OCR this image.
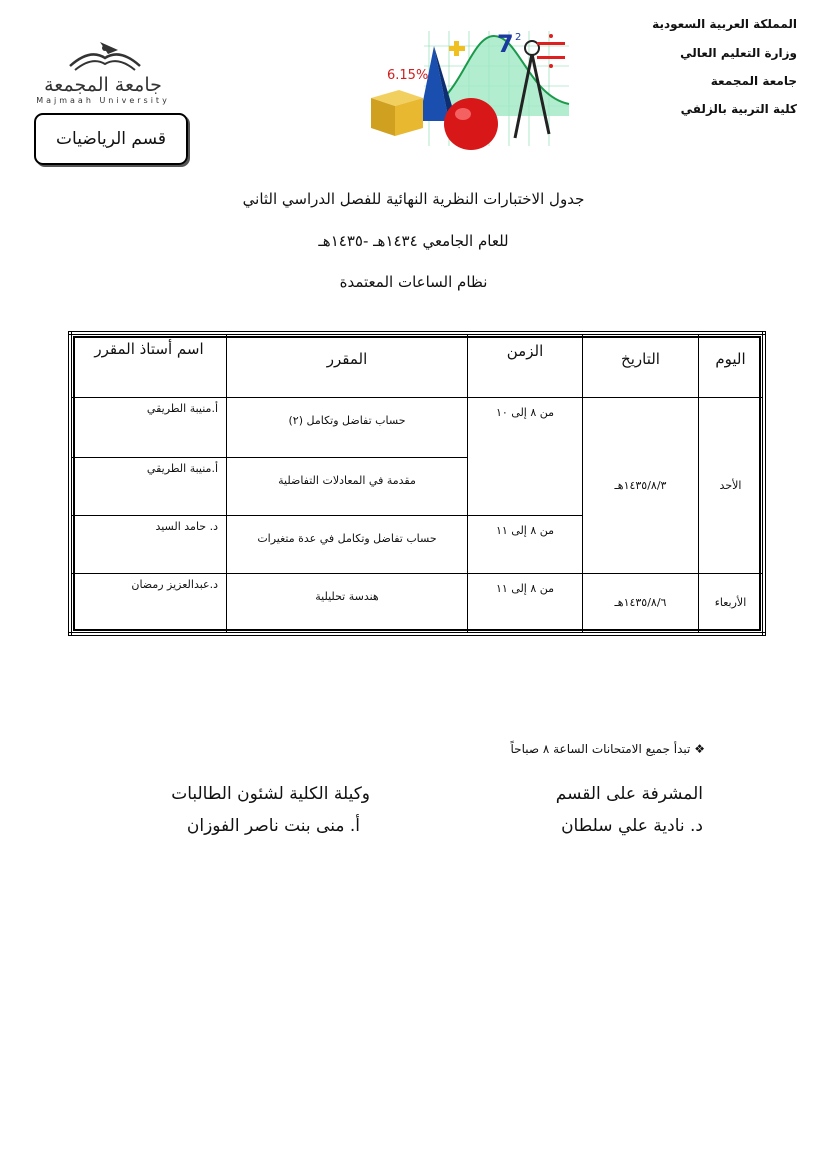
المملكة العربية السعودية
وزارة التعليم العالي
جامعة المجمعة
كلية التربية بالزلفي
6.15%
7 2
جامعة المجمعة
Majmaah University
قسم الرياضيات
جدول الاختبارات النظرية النهائية للفصل الدراسي الثاني
للعام الجامعي ١٤٣٤هـ -١٤٣٥هـ
نظام الساعات المعتمدة
اليوم	التاريخ	الزمن	المقرر	اسم أستاذ المقرر

الأحد	١٤٣٥/٨/٣هـ	من ٨ إلى ١٠	حساب تفاضل وتكامل (٢)	أ.منيبة الطريقي
			مقدمة في المعادلات التفاضلية	أ.منيبة الطريقي
		من ٨ إلى ١١	حساب تفاضل وتكامل في عدة متغيرات	د. حامد السيد
الأربعاء	١٤٣٥/٨/٦هـ	من ٨ إلى ١١	هندسة تحليلية	د.عبدالعزيز رمضان
❖ تبدأ جميع الامتحانات الساعة ٨ صباحاً
المشرفة على القسم
د. نادية علي سلطان
وكيلة الكلية لشئون الطالبات
أ. منى بنت ناصر الفوزان
